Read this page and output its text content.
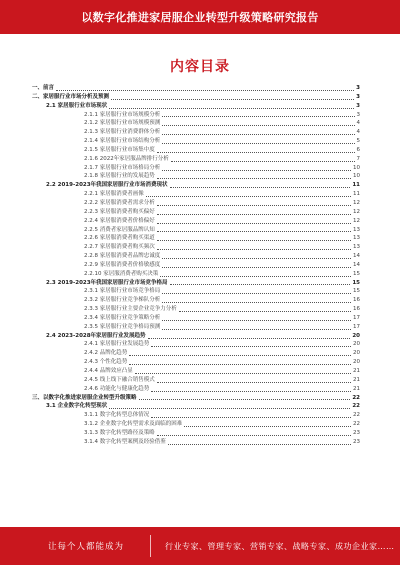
以数字化推进家居服企业转型升级策略研究报告
内容目录
一、前言	3
二、家居服行业市场分析及预测	3
2.1 家居服行业市场现状	3
2.1.1 家居服行业市场规模分析	3
2.1.2 家居服行业市场规模预测	4
2.1.3 家居服行业消费群体分析	4
2.1.4 家居服行业市场结构分析	5
2.1.5 家居服行业市场集中度	6
2.1.6 2022年家居服品牌排行分析	7
2.1.7 家居服行业市场格局分析	10
2.1.8 家居服行业的发展趋势	10
2.2 2019-2023年我国家居服行业市场消费现状	11
2.2.1 家居服消费者画像	11
2.2.2 家居服消费者需求分析	12
2.2.3 家居服消费者购买偏好	12
2.2.4 家居服消费者价格偏好	12
2.2.5 消费者家居服品牌认知	13
2.2.6 家居服消费者购买渠道	13
2.2.7 家居服消费者购买频次	13
2.2.8 家居服消费者品牌忠诚度	14
2.2.9 家居服消费者价格敏感度	14
2.2.10 家居服消费者购买决策	15
2.3 2019-2023年我国家居服行业市场竞争格局	15
2.3.1 家居服行业市场竞争格局	15
2.3.2 家居服行业竞争梯队分析	16
2.3.3 家居服行业主要企业竞争力分析	16
2.3.4 家居服行业竞争策略分析	17
2.3.5 家居服行业竞争格局预测	17
2.4 2023-2028年家居服行业发展趋势	20
2.4.1 家居服行业发展趋势	20
2.4.2 品牌化趋势	20
2.4.3 个性化趋势	20
2.4.4 品牌效应凸显	21
2.4.5 线上线下融合销售模式	21
2.4.6 功能化与健康化趋势	21
三、以数字化推进家居服企业转型升级策略	22
3.1 企业数字化转型现状	22
3.1.1 数字化转型总体情况	22
3.1.2 企业数字化转型需求及面临的困难	22
3.1.3 数字化转型路径及策略	23
3.1.4 数字化转型案例及经验借鉴	23
让每个人都能成为	行业专家、管理专家、营销专家、战略专家、成功企业家……
